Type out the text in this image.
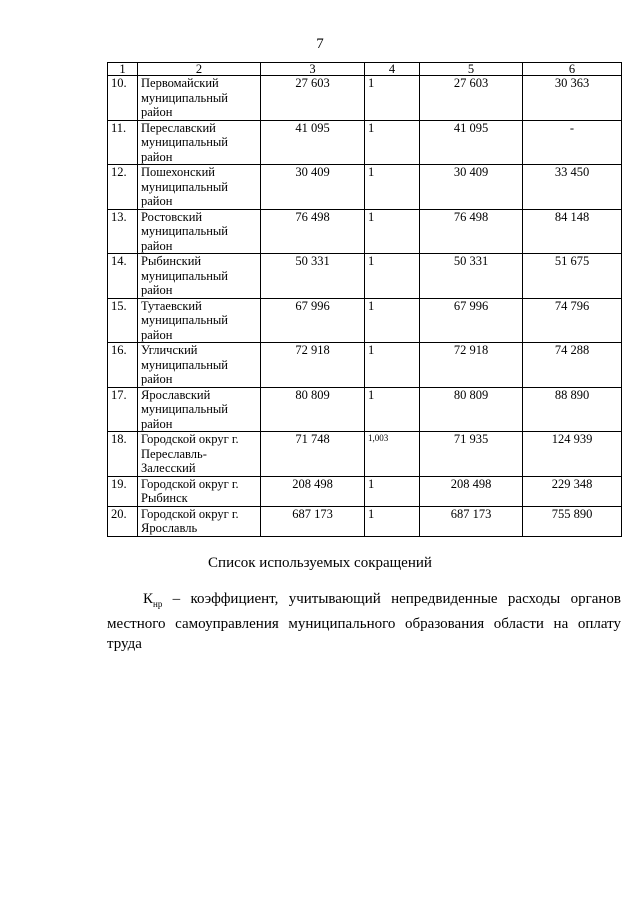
7
1	2	3	4	5	6
10.	Первомайский муниципальный район	27 603	1	27 603	30 363
11.	Переславский муниципальный район	41 095	1	41 095	-
12.	Пошехонский муниципальный район	30 409	1	30 409	33 450
13.	Ростовский муниципальный район	76 498	1	76 498	84 148
14.	Рыбинский муниципальный район	50 331	1	50 331	51 675
15.	Тутаевский муниципальный район	67 996	1	67 996	74 796
16.	Угличский муниципальный район	72 918	1	72 918	74 288
17.	Ярославский муниципальный район	80 809	1	80 809	88 890
18.	Городской округ г. Переславль-Залесский	71 748	1,003	71 935	124 939
19.	Городской округ г. Рыбинск	208 498	1	208 498	229 348
20.	Городской округ г. Ярославль	687 173	1	687 173	755 890
Список используемых сокращений

$К_{нр}$ – коэффициент, учитывающий непредвиденные расходы органов местного самоуправления муниципального образования области на оплату труда
